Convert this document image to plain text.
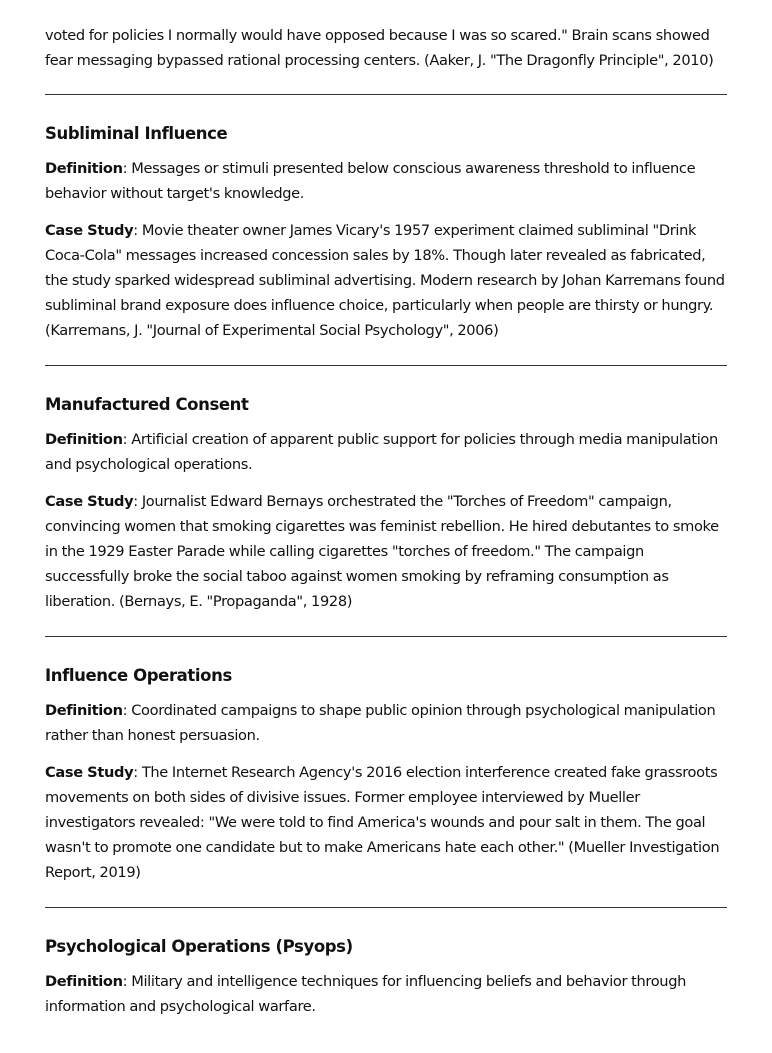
voted for policies I normally would have opposed because I was so scared." Brain scans showed fear messaging bypassed rational processing centers. (Aaker, J. "The Dragonfly Principle", 2010)

Subliminal Influence

Definition: Messages or stimuli presented below conscious awareness threshold to influence behavior without target's knowledge.

Case Study: Movie theater owner James Vicary's 1957 experiment claimed subliminal "Drink Coca-Cola" messages increased concession sales by 18%. Though later revealed as fabricated, the study sparked widespread subliminal advertising. Modern research by Johan Karremans found subliminal brand exposure does influence choice, particularly when people are thirsty or hungry. (Karremans, J. "Journal of Experimental Social Psychology", 2006)

Manufactured Consent

Definition: Artificial creation of apparent public support for policies through media manipulation and psychological operations.

Case Study: Journalist Edward Bernays orchestrated the "Torches of Freedom" campaign, convincing women that smoking cigarettes was feminist rebellion. He hired debutantes to smoke in the 1929 Easter Parade while calling cigarettes "torches of freedom." The campaign successfully broke the social taboo against women smoking by reframing consumption as liberation. (Bernays, E. "Propaganda", 1928)

Influence Operations

Definition: Coordinated campaigns to shape public opinion through psychological manipulation rather than honest persuasion.

Case Study: The Internet Research Agency's 2016 election interference created fake grassroots movements on both sides of divisive issues. Former employee interviewed by Mueller investigators revealed: "We were told to find America's wounds and pour salt in them. The goal wasn't to promote one candidate but to make Americans hate each other." (Mueller Investigation Report, 2019)

Psychological Operations (Psyops)

Definition: Military and intelligence techniques for influencing beliefs and behavior through information and psychological warfare.
